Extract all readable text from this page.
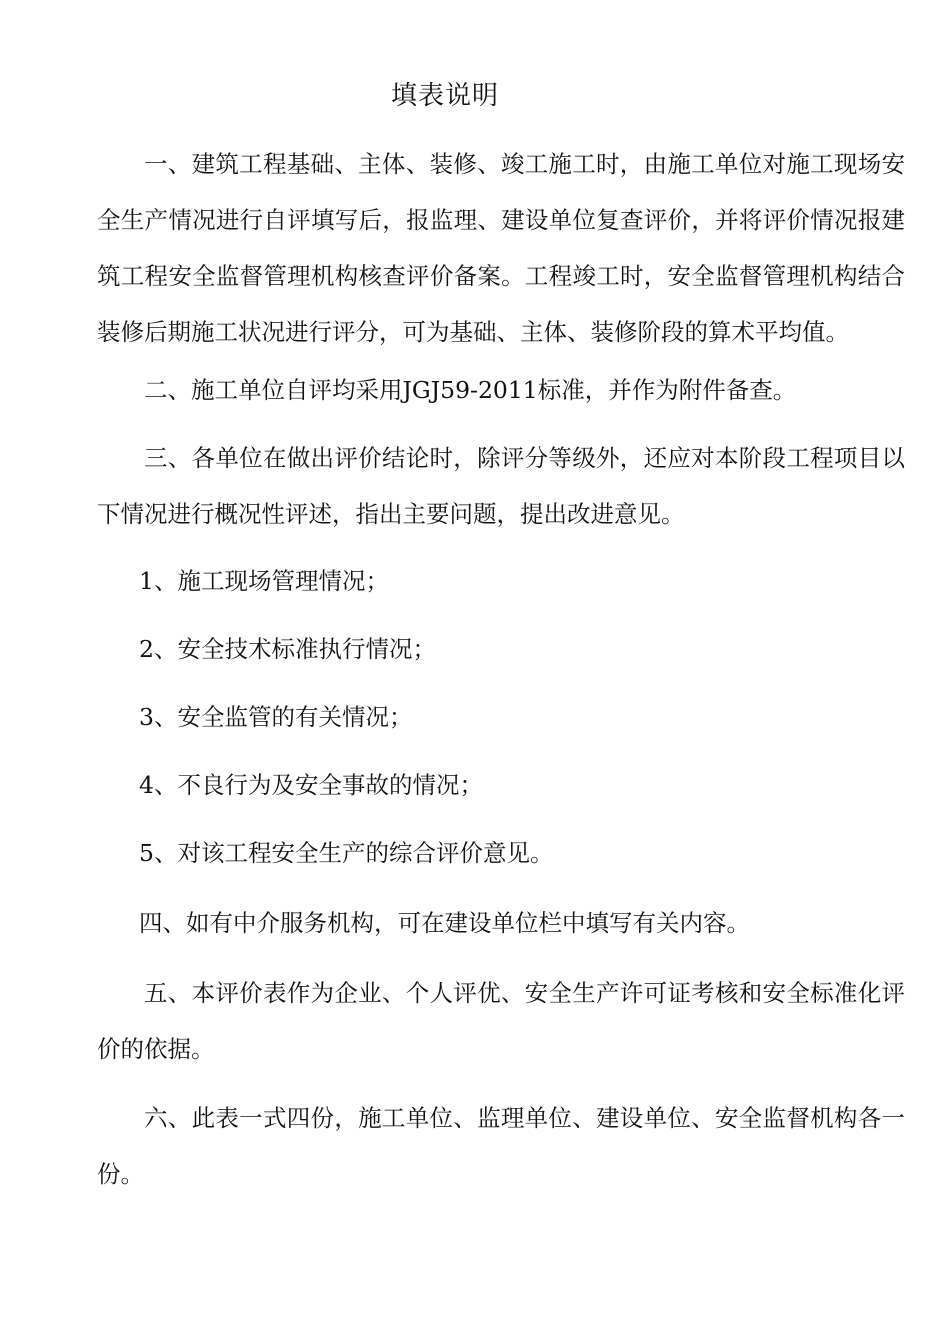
填表说明

一、建筑工程基础、主体、装修、竣工施工时，由施工单位对施工现场安全生产情况进行自评填写后，报监理、建设单位复查评价，并将评价情况报建筑工程安全监督管理机构核查评价备案。工程竣工时，安全监督管理机构结合装修后期施工状况进行评分，可为基础、主体、装修阶段的算术平均值。

二、施工单位自评均采用JGJ59-2011标准，并作为附件备查。

三、各单位在做出评价结论时，除评分等级外，还应对本阶段工程项目以下情况进行概况性评述，指出主要问题，提出改进意见。

1、施工现场管理情况；

2、安全技术标准执行情况；

3、安全监管的有关情况；

4、不良行为及安全事故的情况；

5、对该工程安全生产的综合评价意见。

四、如有中介服务机构，可在建设单位栏中填写有关内容。

五、本评价表作为企业、个人评优、安全生产许可证考核和安全标准化评价的依据。

六、此表一式四份，施工单位、监理单位、建设单位、安全监督机构各一份。
